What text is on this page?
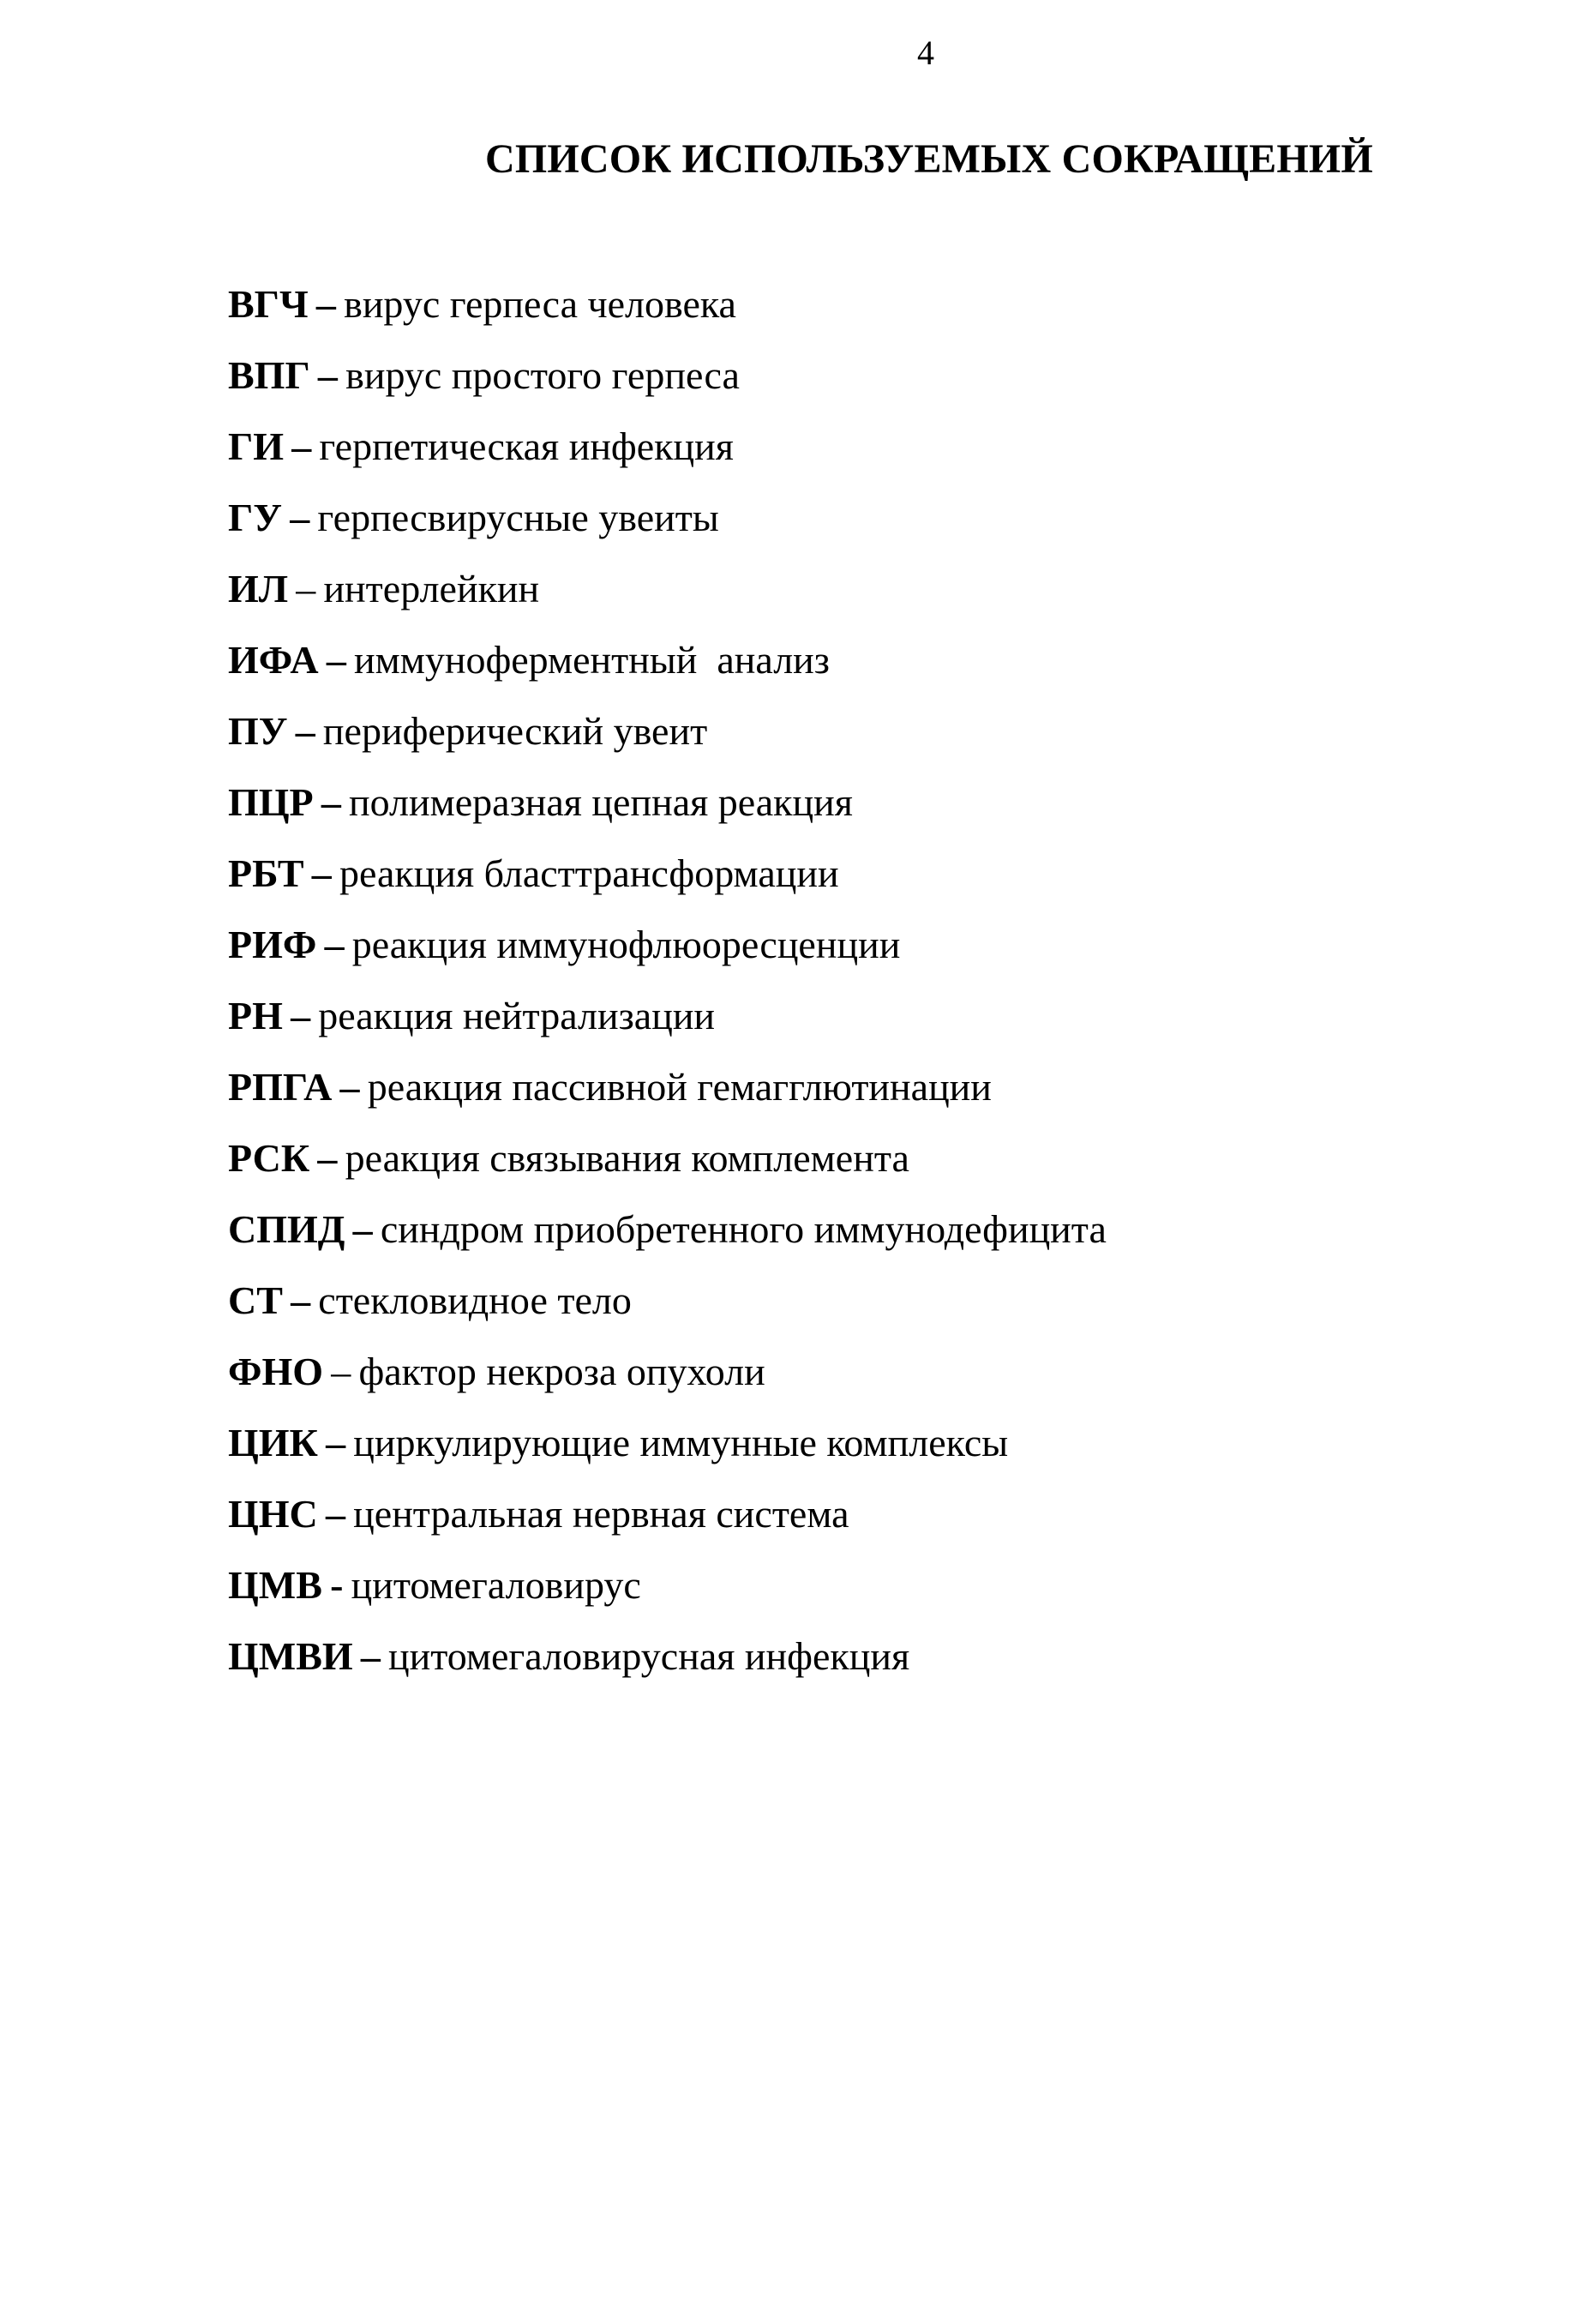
4
СПИСОК ИСПОЛЬЗУЕМЫХ СОКРАЩЕНИЙ
ВГЧ – вирус герпеса человека
ВПГ – вирус простого герпеса
ГИ – герпетическая инфекция
ГУ – герпесвирусные увеиты
ИЛ – интерлейкин
ИФА – иммуноферментный  анализ
ПУ – периферический увеит
ПЦР – полимеразная цепная реакция
РБТ – реакция бласттрансформации
РИФ – реакция иммунофлюоресценции
РН – реакция нейтрализации
РПГА – реакция пассивной гемагглютинации
РСК – реакция связывания комплемента
СПИД – синдром приобретенного иммунодефицита
СТ – стекловидное тело
ФНО – фактор некроза опухоли
ЦИК – циркулирующие иммунные комплексы
ЦНС – центральная нервная система
ЦМВ - цитомегаловирус
ЦМВИ – цитомегаловирусная инфекция
